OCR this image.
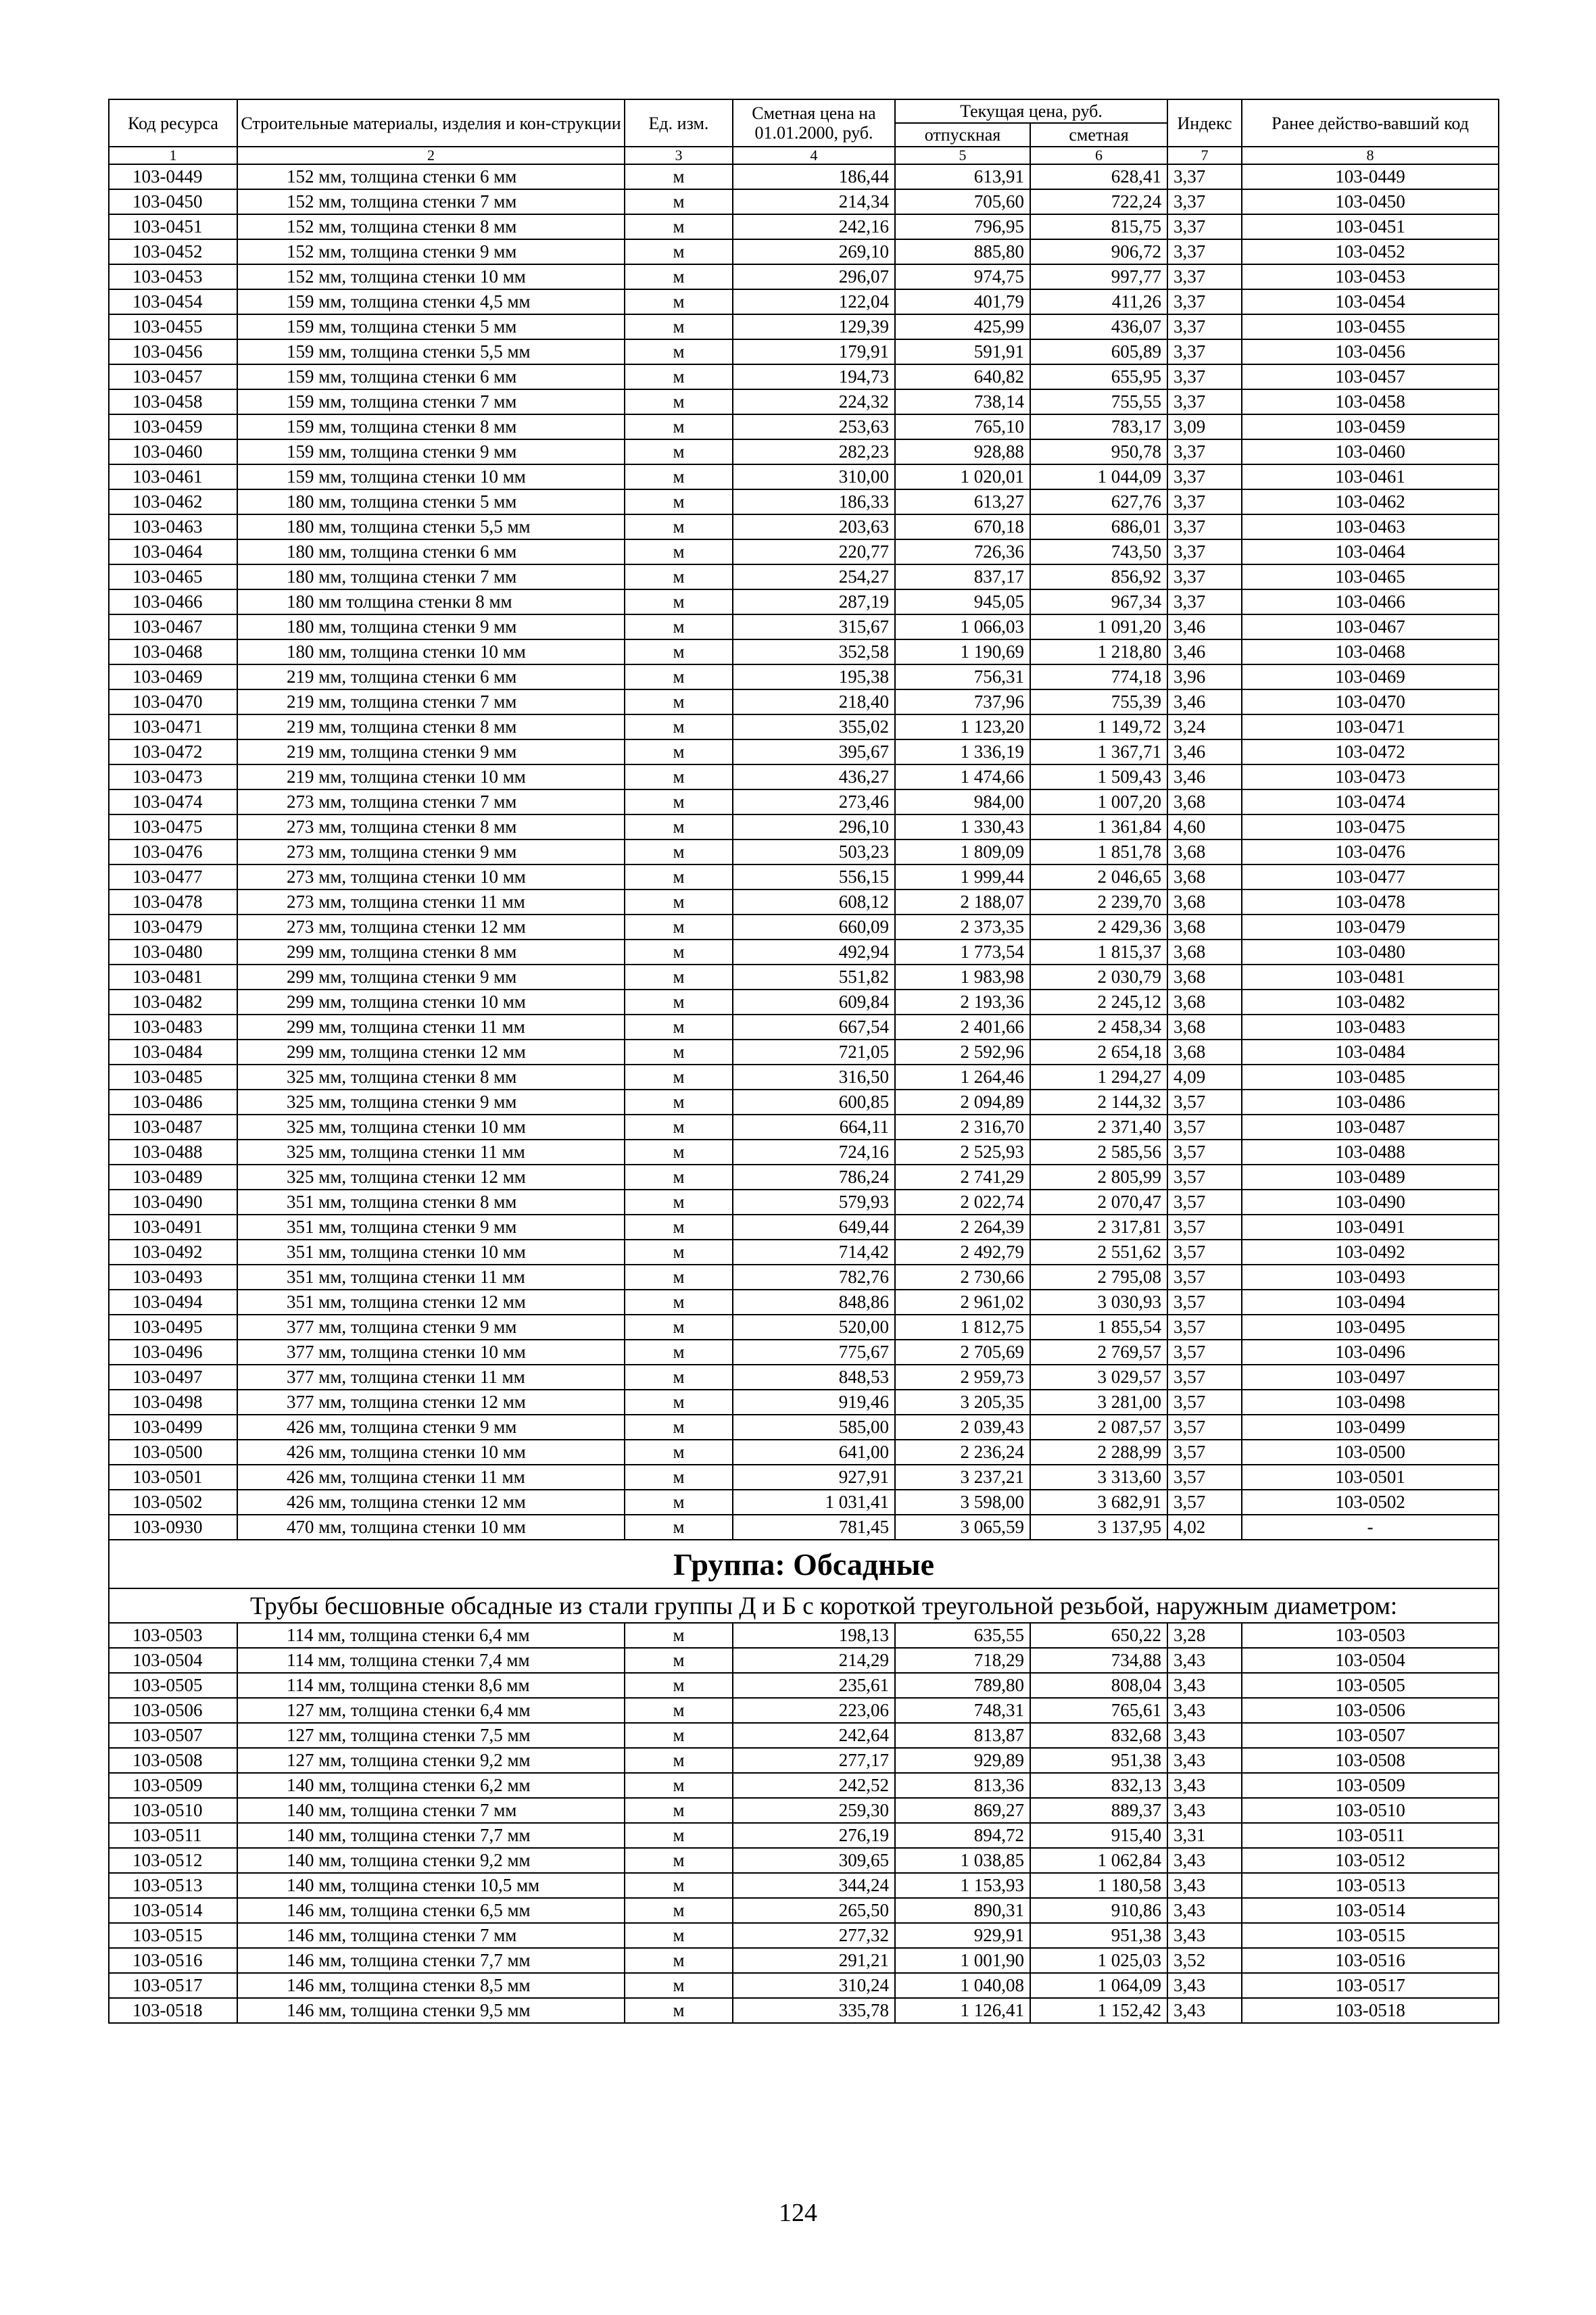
Код ресурса	Строительные материалы, изделия и кон-струкции	Ед. изм.	Сметная цена на 01.01.2000, руб.	Текущая цена, руб.		Индекс	Ранее действо-вавший код
				отпускная	сметная		
1	2	3	4	5	6	7	8
103-0449	152 мм, толщина стенки 6 мм	м	186,44	613,91	628,41	3,37	103-0449
103-0450	152 мм, толщина стенки 7 мм	м	214,34	705,60	722,24	3,37	103-0450
103-0451	152 мм, толщина стенки 8 мм	м	242,16	796,95	815,75	3,37	103-0451
103-0452	152 мм, толщина стенки 9 мм	м	269,10	885,80	906,72	3,37	103-0452
103-0453	152 мм, толщина стенки 10 мм	м	296,07	974,75	997,77	3,37	103-0453
103-0454	159 мм, толщина стенки 4,5 мм	м	122,04	401,79	411,26	3,37	103-0454
103-0455	159 мм, толщина стенки 5 мм	м	129,39	425,99	436,07	3,37	103-0455
103-0456	159 мм, толщина стенки 5,5 мм	м	179,91	591,91	605,89	3,37	103-0456
103-0457	159 мм, толщина стенки 6 мм	м	194,73	640,82	655,95	3,37	103-0457
103-0458	159 мм, толщина стенки 7 мм	м	224,32	738,14	755,55	3,37	103-0458
103-0459	159 мм, толщина стенки 8 мм	м	253,63	765,10	783,17	3,09	103-0459
103-0460	159 мм, толщина стенки 9 мм	м	282,23	928,88	950,78	3,37	103-0460
103-0461	159 мм, толщина стенки 10 мм	м	310,00	1 020,01	1 044,09	3,37	103-0461
103-0462	180 мм, толщина стенки 5 мм	м	186,33	613,27	627,76	3,37	103-0462
103-0463	180 мм, толщина стенки 5,5 мм	м	203,63	670,18	686,01	3,37	103-0463
103-0464	180 мм, толщина стенки 6 мм	м	220,77	726,36	743,50	3,37	103-0464
103-0465	180 мм, толщина стенки 7 мм	м	254,27	837,17	856,92	3,37	103-0465
103-0466	180 мм толщина стенки 8 мм	м	287,19	945,05	967,34	3,37	103-0466
103-0467	180 мм, толщина стенки 9 мм	м	315,67	1 066,03	1 091,20	3,46	103-0467
103-0468	180 мм, толщина стенки 10 мм	м	352,58	1 190,69	1 218,80	3,46	103-0468
103-0469	219 мм, толщина стенки 6 мм	м	195,38	756,31	774,18	3,96	103-0469
103-0470	219 мм, толщина стенки 7 мм	м	218,40	737,96	755,39	3,46	103-0470
103-0471	219 мм, толщина стенки 8 мм	м	355,02	1 123,20	1 149,72	3,24	103-0471
103-0472	219 мм, толщина стенки 9 мм	м	395,67	1 336,19	1 367,71	3,46	103-0472
103-0473	219 мм, толщина стенки 10 мм	м	436,27	1 474,66	1 509,43	3,46	103-0473
103-0474	273 мм, толщина стенки 7 мм	м	273,46	984,00	1 007,20	3,68	103-0474
103-0475	273 мм, толщина стенки 8 мм	м	296,10	1 330,43	1 361,84	4,60	103-0475
103-0476	273 мм, толщина стенки 9 мм	м	503,23	1 809,09	1 851,78	3,68	103-0476
103-0477	273 мм, толщина стенки 10 мм	м	556,15	1 999,44	2 046,65	3,68	103-0477
103-0478	273 мм, толщина стенки 11 мм	м	608,12	2 188,07	2 239,70	3,68	103-0478
103-0479	273 мм, толщина стенки 12 мм	м	660,09	2 373,35	2 429,36	3,68	103-0479
103-0480	299 мм, толщина стенки 8 мм	м	492,94	1 773,54	1 815,37	3,68	103-0480
103-0481	299 мм, толщина стенки 9 мм	м	551,82	1 983,98	2 030,79	3,68	103-0481
103-0482	299 мм, толщина стенки 10 мм	м	609,84	2 193,36	2 245,12	3,68	103-0482
103-0483	299 мм, толщина стенки 11 мм	м	667,54	2 401,66	2 458,34	3,68	103-0483
103-0484	299 мм, толщина стенки 12 мм	м	721,05	2 592,96	2 654,18	3,68	103-0484
103-0485	325 мм, толщина стенки 8 мм	м	316,50	1 264,46	1 294,27	4,09	103-0485
103-0486	325 мм, толщина стенки 9 мм	м	600,85	2 094,89	2 144,32	3,57	103-0486
103-0487	325 мм, толщина стенки 10 мм	м	664,11	2 316,70	2 371,40	3,57	103-0487
103-0488	325 мм, толщина стенки 11 мм	м	724,16	2 525,93	2 585,56	3,57	103-0488
103-0489	325 мм, толщина стенки 12 мм	м	786,24	2 741,29	2 805,99	3,57	103-0489
103-0490	351 мм, толщина стенки 8 мм	м	579,93	2 022,74	2 070,47	3,57	103-0490
103-0491	351 мм, толщина стенки 9 мм	м	649,44	2 264,39	2 317,81	3,57	103-0491
103-0492	351 мм, толщина стенки 10 мм	м	714,42	2 492,79	2 551,62	3,57	103-0492
103-0493	351 мм, толщина стенки 11 мм	м	782,76	2 730,66	2 795,08	3,57	103-0493
103-0494	351 мм, толщина стенки 12 мм	м	848,86	2 961,02	3 030,93	3,57	103-0494
103-0495	377 мм, толщина стенки 9 мм	м	520,00	1 812,75	1 855,54	3,57	103-0495
103-0496	377 мм, толщина стенки 10 мм	м	775,67	2 705,69	2 769,57	3,57	103-0496
103-0497	377 мм, толщина стенки 11 мм	м	848,53	2 959,73	3 029,57	3,57	103-0497
103-0498	377 мм, толщина стенки 12 мм	м	919,46	3 205,35	3 281,00	3,57	103-0498
103-0499	426 мм, толщина стенки 9 мм	м	585,00	2 039,43	2 087,57	3,57	103-0499
103-0500	426 мм, толщина стенки 10 мм	м	641,00	2 236,24	2 288,99	3,57	103-0500
103-0501	426 мм, толщина стенки 11 мм	м	927,91	3 237,21	3 313,60	3,57	103-0501
103-0502	426 мм, толщина стенки 12 мм	м	1 031,41	3 598,00	3 682,91	3,57	103-0502
103-0930	470 мм, толщина стенки 10 мм	м	781,45	3 065,59	3 137,95	4,02	-
Группа: Обсадные							
Трубы бесшовные обсадные из стали группы Д и Б с короткой треугольной резьбой, наружным диаметром:							
103-0503	114 мм, толщина стенки 6,4 мм	м	198,13	635,55	650,22	3,28	103-0503
103-0504	114 мм, толщина стенки 7,4 мм	м	214,29	718,29	734,88	3,43	103-0504
103-0505	114 мм, толщина стенки 8,6 мм	м	235,61	789,80	808,04	3,43	103-0505
103-0506	127 мм, толщина стенки 6,4 мм	м	223,06	748,31	765,61	3,43	103-0506
103-0507	127 мм, толщина стенки 7,5 мм	м	242,64	813,87	832,68	3,43	103-0507
103-0508	127 мм, толщина стенки 9,2 мм	м	277,17	929,89	951,38	3,43	103-0508
103-0509	140 мм, толщина стенки 6,2 мм	м	242,52	813,36	832,13	3,43	103-0509
103-0510	140 мм, толщина стенки 7 мм	м	259,30	869,27	889,37	3,43	103-0510
103-0511	140 мм, толщина стенки 7,7 мм	м	276,19	894,72	915,40	3,31	103-0511
103-0512	140 мм, толщина стенки 9,2 мм	м	309,65	1 038,85	1 062,84	3,43	103-0512
103-0513	140 мм, толщина стенки 10,5 мм	м	344,24	1 153,93	1 180,58	3,43	103-0513
103-0514	146 мм, толщина стенки 6,5 мм	м	265,50	890,31	910,86	3,43	103-0514
103-0515	146 мм, толщина стенки 7 мм	м	277,32	929,91	951,38	3,43	103-0515
103-0516	146 мм, толщина стенки 7,7 мм	м	291,21	1 001,90	1 025,03	3,52	103-0516
103-0517	146 мм, толщина стенки 8,5 мм	м	310,24	1 040,08	1 064,09	3,43	103-0517
103-0518	146 мм, толщина стенки 9,5 мм	м	335,78	1 126,41	1 152,42	3,43	103-0518
124
